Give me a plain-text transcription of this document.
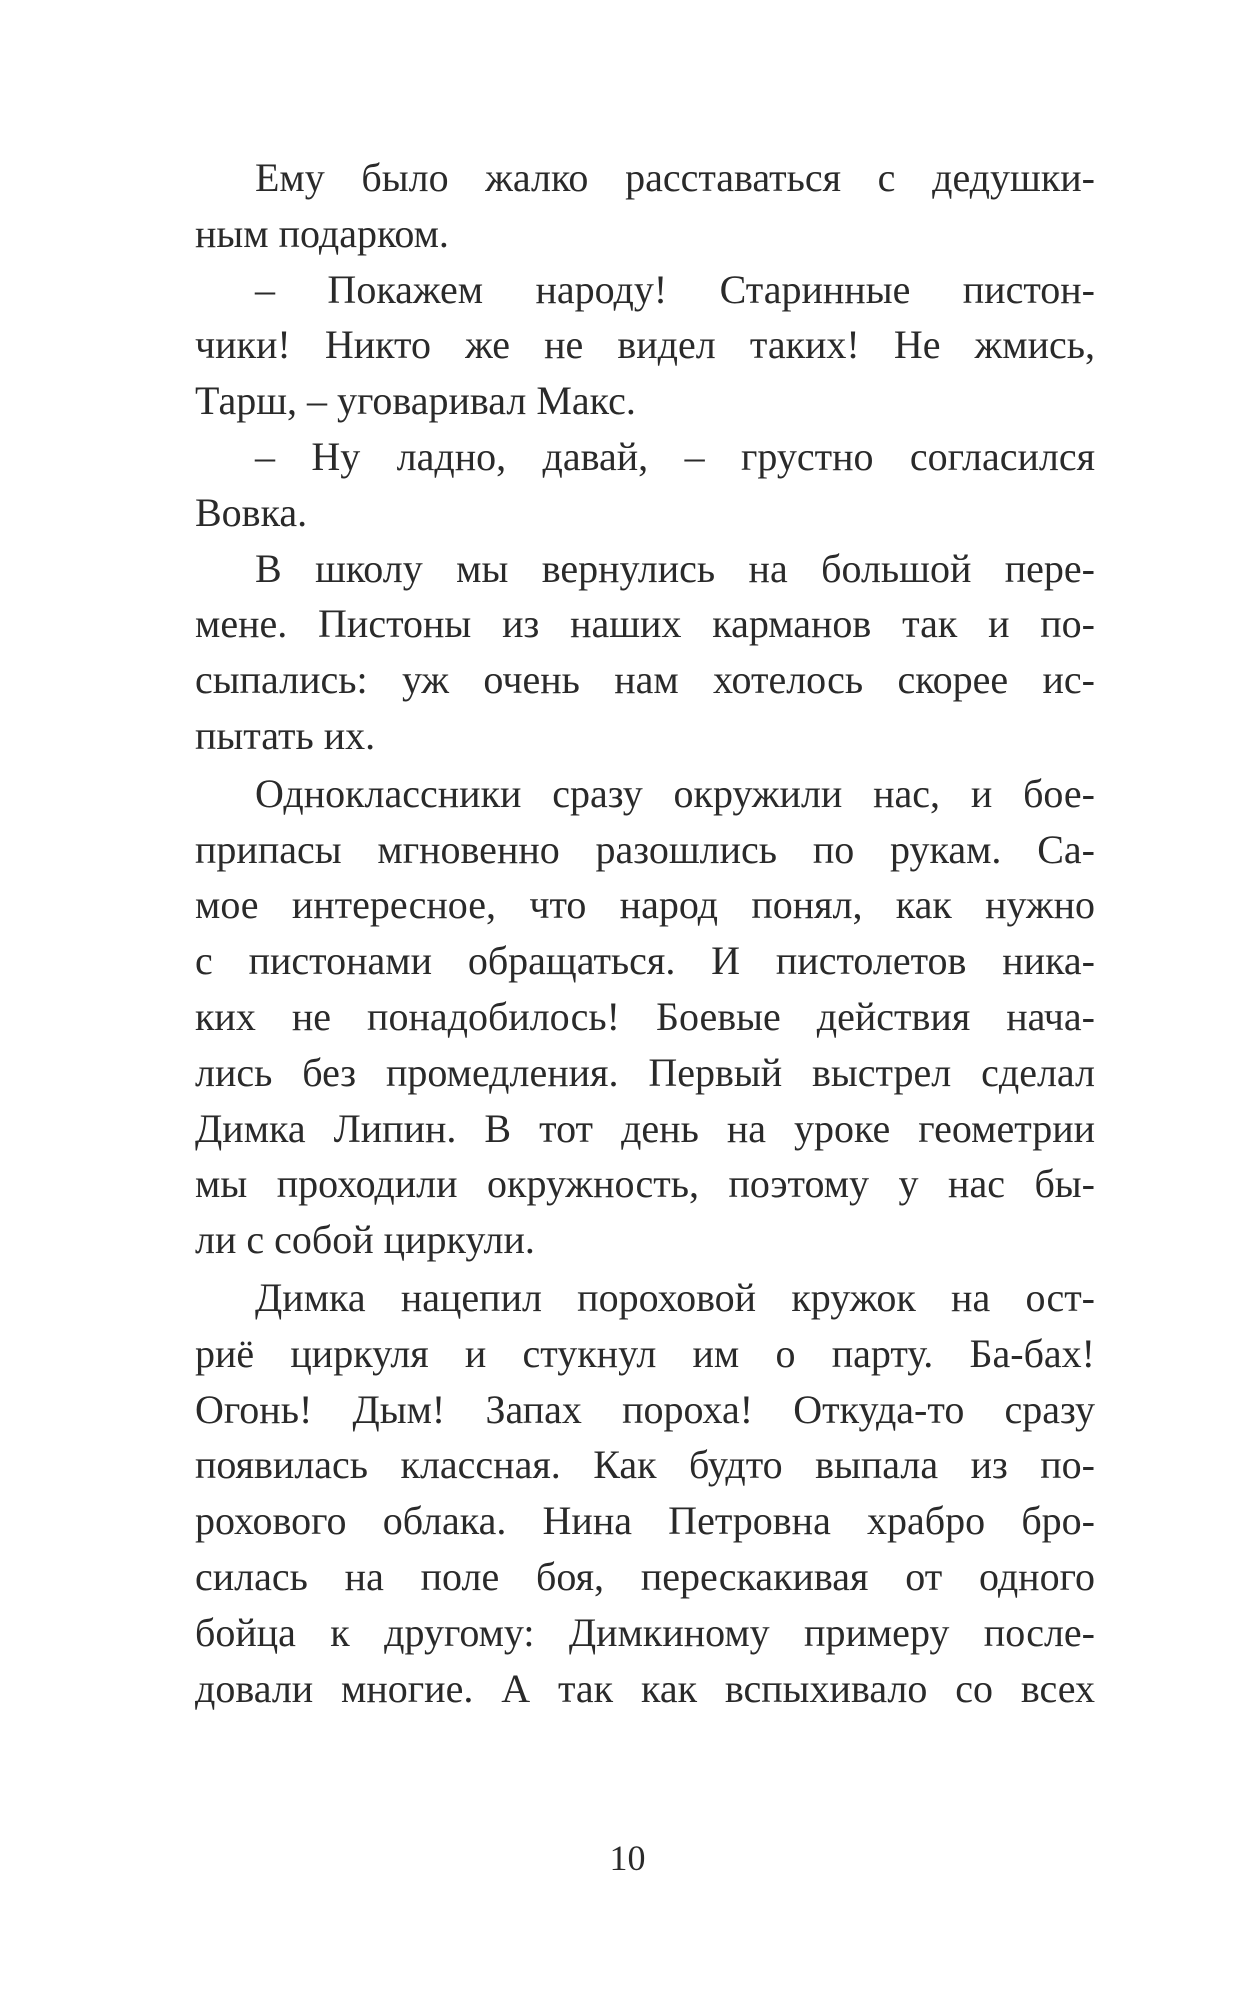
Ему было жалко расставаться с дедушки-
ным подарком.
– Покажем народу! Старинные пистон-
чики! Никто же не видел таких! Не жмись,
Тарш, – уговаривал Макс.
– Ну ладно, давай, – грустно согласился
Вовка.
В школу мы вернулись на большой пере-
мене. Пистоны из наших карманов так и по-
сыпались: уж очень нам хотелось скорее ис-
пытать их.
Одноклассники сразу окружили нас, и бое-
припасы мгновенно разошлись по рукам. Са-
мое интересное, что народ понял, как нужно
с пистонами обращаться. И пистолетов ника-
ких не понадобилось! Боевые действия нача-
лись без промедления. Первый выстрел сделал
Димка Липин. В тот день на уроке геометрии
мы проходили окружность, поэтому у нас бы-
ли с собой циркули.
Димка нацепил пороховой кружок на ост-
риё циркуля и стукнул им о парту. Ба-бах!
Огонь! Дым! Запах пороха! Откуда-то сразу
появилась классная. Как будто выпала из по-
рохового облака. Нина Петровна храбро бро-
силась на поле боя, перескакивая от одного
бойца к другому: Димкиному примеру после-
довали многие. А так как вспыхивало со всех
10
